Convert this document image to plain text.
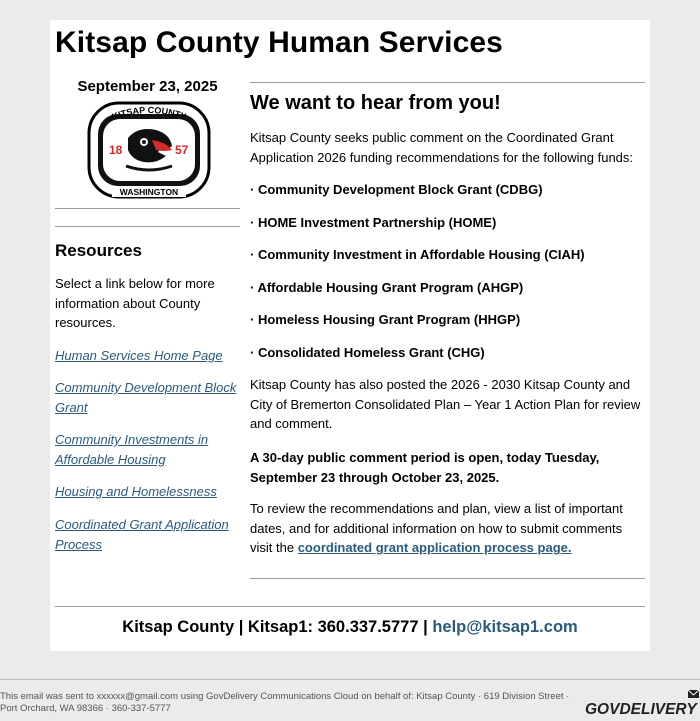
Kitsap County Human Services
September 23, 2025
KITSAP COUNTY
WASHINGTON
18	57
Resources
Select a link below for more information about County resources.
Human Services Home Page
Community Development Block Grant
Community Investments in Affordable Housing
Housing and Homelessness
Coordinated Grant Application Process
We want to hear from you!
Kitsap County seeks public comment on the Coordinated Grant Application 2026 funding recommendations for the following funds:
· Community Development Block Grant (CDBG)
· HOME Investment Partnership (HOME)
· Community Investment in Affordable Housing (CIAH)
· Affordable Housing Grant Program (AHGP)
· Homeless Housing Grant Program (HHGP)
· Consolidated Homeless Grant (CHG)
Kitsap County has also posted the 2026 - 2030 Kitsap County and City of Bremerton Consolidated Plan – Year 1 Action Plan for review and comment.
A 30-day public comment period is open, today Tuesday, September 23 through October 23, 2025.
To review the recommendations and plan, view a list of important dates, and for additional information on how to submit comments visit the coordinated grant application process page.
Kitsap County | Kitsap1: 360.337.5777 | help@kitsap1.com
This email was sent to xxxxxx@gmail.com using GovDelivery Communications Cloud on behalf of: Kitsap County · 619 Division Street · Port Orchard, WA 98366 · 360-337-5777	GOVDELIVERY
